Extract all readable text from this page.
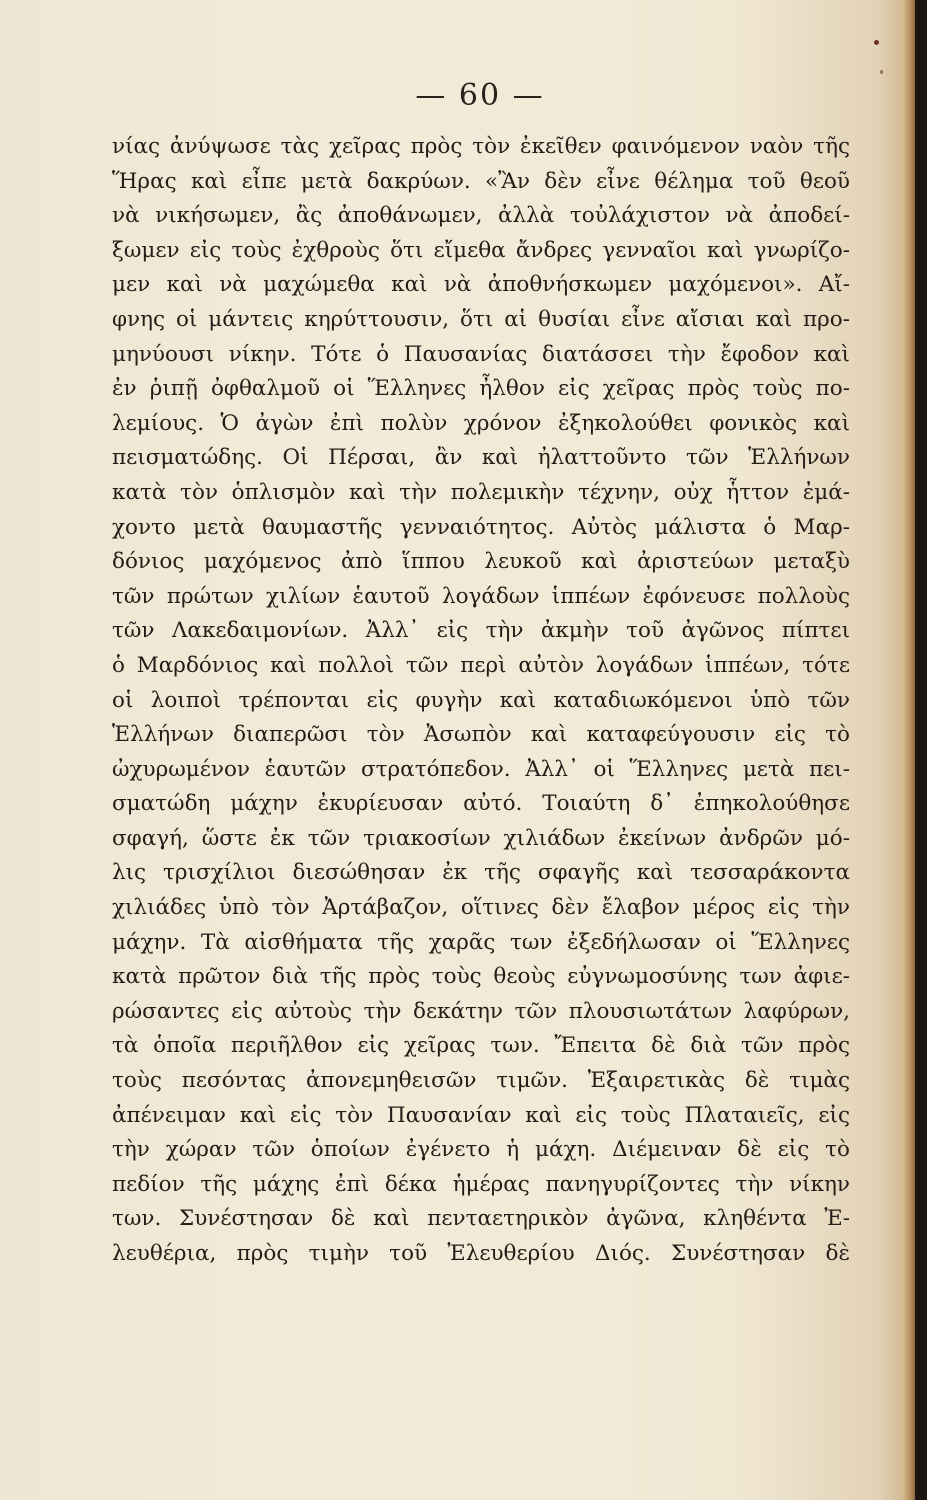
— 60 —
νίας ἀνύψωσε τὰς χεῖρας πρὸς τὸν ἐκεῖθεν φαινόμενον ναὸν τῆς
Ἥρας καὶ εἶπε μετὰ δακρύων. «Ἂν δὲν εἶνε θέλημα τοῦ θεοῦ
νὰ νικήσωμεν, ἂς ἀποθάνωμεν, ἀλλὰ τοὐλάχιστον νὰ ἀποδεί-
ξωμεν εἰς τοὺς ἐχθροὺς ὅτι εἴμεθα ἄνδρες γενναῖοι καὶ γνωρίζο-
μεν καὶ νὰ μαχώμεθα καὶ νὰ ἀποθνήσκωμεν μαχόμενοι». Αἴ-
φνης οἱ μάντεις κηρύττουσιν, ὅτι αἱ θυσίαι εἶνε αἴσιαι καὶ προ-
μηνύουσι νίκην. Τότε ὁ Παυσανίας διατάσσει τὴν ἔφοδον καὶ
ἐν ῥιπῇ ὀφθαλμοῦ οἱ Ἕλληνες ἦλθον εἰς χεῖρας πρὸς τοὺς πο-
λεμίους. Ὁ ἀγὼν ἐπὶ πολὺν χρόνον ἐξηκολούθει φονικὸς καὶ
πεισματώδης. Οἱ Πέρσαι, ἂν καὶ ἠλαττοῦντο τῶν Ἑλλήνων
κατὰ τὸν ὁπλισμὸν καὶ τὴν πολεμικὴν τέχνην, οὐχ ἧττον ἐμά-
χοντο μετὰ θαυμαστῆς γενναιότητος. Αὐτὸς μάλιστα ὁ Μαρ-
δόνιος μαχόμενος ἀπὸ ἵππου λευκοῦ καὶ ἀριστεύων μεταξὺ
τῶν πρώτων χιλίων ἑαυτοῦ λογάδων ἱππέων ἐφόνευσε πολλοὺς
τῶν Λακεδαιμονίων. Ἀλλ᾽ εἰς τὴν ἀκμὴν τοῦ ἀγῶνος πίπτει
ὁ Μαρδόνιος καὶ πολλοὶ τῶν περὶ αὐτὸν λογάδων ἱππέων, τότε
οἱ λοιποὶ τρέπονται εἰς φυγὴν καὶ καταδιωκόμενοι ὑπὸ τῶν
Ἑλλήνων διαπερῶσι τὸν Ἀσωπὸν καὶ καταφεύγουσιν εἰς τὸ
ὠχυρωμένον ἑαυτῶν στρατόπεδον. Ἀλλ᾽ οἱ Ἕλληνες μετὰ πει-
σματώδη μάχην ἐκυρίευσαν αὐτό. Τοιαύτη δ᾽ ἐπηκολούθησε
σφαγή, ὥστε ἐκ τῶν τριακοσίων χιλιάδων ἐκείνων ἀνδρῶν μό-
λις τρισχίλιοι διεσώθησαν ἐκ τῆς σφαγῆς καὶ τεσσαράκοντα
χιλιάδες ὑπὸ τὸν Ἀρτάβαζον, οἵτινες δὲν ἔλαβον μέρος εἰς τὴν
μάχην. Τὰ αἰσθήματα τῆς χαρᾶς των ἐξεδήλωσαν οἱ Ἕλληνες
κατὰ πρῶτον διὰ τῆς πρὸς τοὺς θεοὺς εὐγνωμοσύνης των ἀφιε-
ρώσαντες εἰς αὐτοὺς τὴν δεκάτην τῶν πλουσιωτάτων λαφύρων,
τὰ ὁποῖα περιῆλθον εἰς χεῖρας των. Ἔπειτα δὲ διὰ τῶν πρὸς
τοὺς πεσόντας ἀπονεμηθεισῶν τιμῶν. Ἐξαιρετικὰς δὲ τιμὰς
ἀπένειμαν καὶ εἰς τὸν Παυσανίαν καὶ εἰς τοὺς Πλαταιεῖς, εἰς
τὴν χώραν τῶν ὁποίων ἐγένετο ἡ μάχη. Διέμειναν δὲ εἰς τὸ
πεδίον τῆς μάχης ἐπὶ δέκα ἡμέρας πανηγυρίζοντες τὴν νίκην
των. Συνέστησαν δὲ καὶ πενταετηρικὸν ἀγῶνα, κληθέντα Ἐ-
λευθέρια, πρὸς τιμὴν τοῦ Ἐλευθερίου Διός. Συνέστησαν δὲ
